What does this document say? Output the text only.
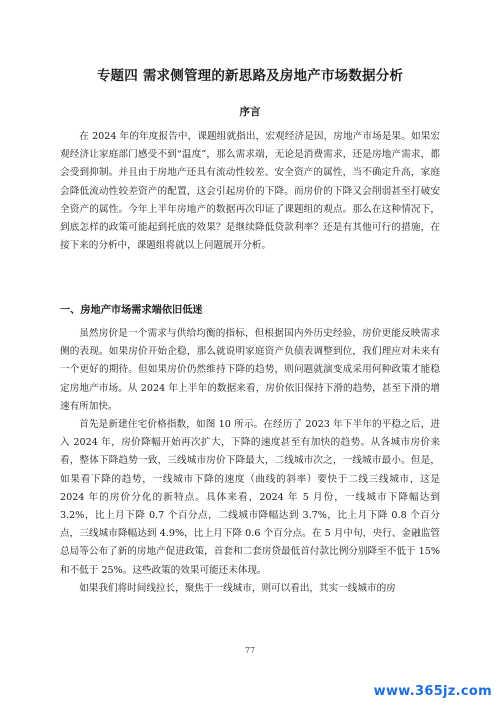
专题四 需求侧管理的新思路及房地产市场数据分析
序言

在 2024 年的年度报告中，课题组就指出，宏观经济是因，房地产市场是果。如果宏观经济让家庭部门感受不到“温度”，那么需求端，无论是消费需求，还是房地产需求，都会受到抑制。并且由于房地产还具有流动性较差、安全资产的属性，当不确定升高，家庭会降低流动性较差资产的配置，这会引起房价的下降。而房价的下降又会削弱甚至打破安全资产的属性。今年上半年房地产的数据再次印证了课题组的观点。那么在这种情况下，到底怎样的政策可能起到托底的效果？是继续降低贷款利率？还是有其他可行的措施，在接下来的分析中，课题组将就以上问题展开分析。

一、房地产市场需求端依旧低迷

虽然房价是一个需求与供给均衡的指标，但根据国内外历史经验，房价更能反映需求侧的表现。如果房价开始企稳，那么就说明家庭资产负债表调整到位，我们理应对未来有一个更好的期待。但如果房价仍然维持下降的趋势，则问题就演变成采用何种政策才能稳定房地产市场。从 2024 年上半年的数据来看，房价依旧保持下滑的趋势，甚至下滑的增速有所加快。

首先是新建住宅价格指数，如图 10 所示。在经历了 2023 年下半年的平稳之后，进入 2024 年，房价降幅开始再次扩大，下降的速度甚至有加快的趋势。从各城市房价来看，整体下降趋势一致，三线城市房价下降最大，二线城市次之，一线城市最小。但是，如果看下降的趋势，一线城市下降的速度（曲线的斜率）要快于二线三线城市，这是 2024 年的房价分化的新特点。具体来看，2024 年 5 月份，一线城市下降幅达到 3.2%，比上月下降 0.7 个百分点，二线城市降幅达到 3.7%，比上月下降 0.8 个百分点，三线城市降幅达到 4.9%，比上月下降 0.6 个百分点。在 5 月中旬，央行、金融监管总局等公布了新的房地产促进政策，首套和二套房贷最低首付款比例分别降至不低于 15%和不低于 25%。这些政策的效果可能还未体现。

如果我们将时间线拉长，聚焦于一线城市，则可以看出，其实一线城市的房

77
www.365jz.com
